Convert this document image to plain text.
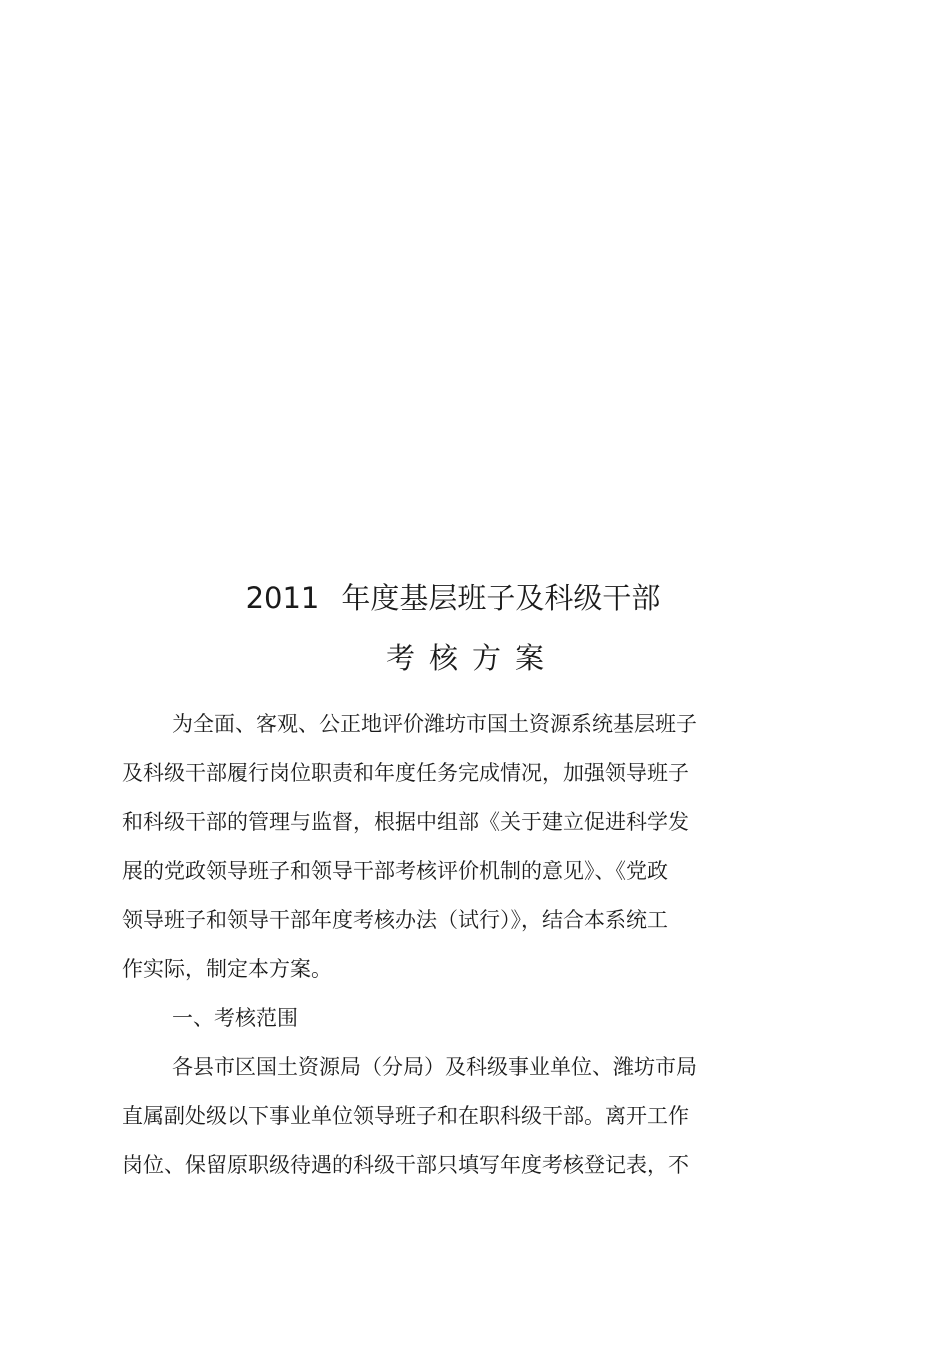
2011 年度基层班子及科级干部
考核方案
为全面、客观、公正地评价潍坊市国土资源系统基层班子
及科级干部履行岗位职责和年度任务完成情况，加强领导班子
和科级干部的管理与监督，根据中组部《关于建立促进科学发
展的党政领导班子和领导干部考核评价机制的意见》、《党政
领导班子和领导干部年度考核办法（试行）》，结合本系统工
作实际，制定本方案。
一、考核范围
各县市区国土资源局（分局）及科级事业单位、潍坊市局
直属副处级以下事业单位领导班子和在职科级干部。离开工作
岗位、保留原职级待遇的科级干部只填写年度考核登记表，不
